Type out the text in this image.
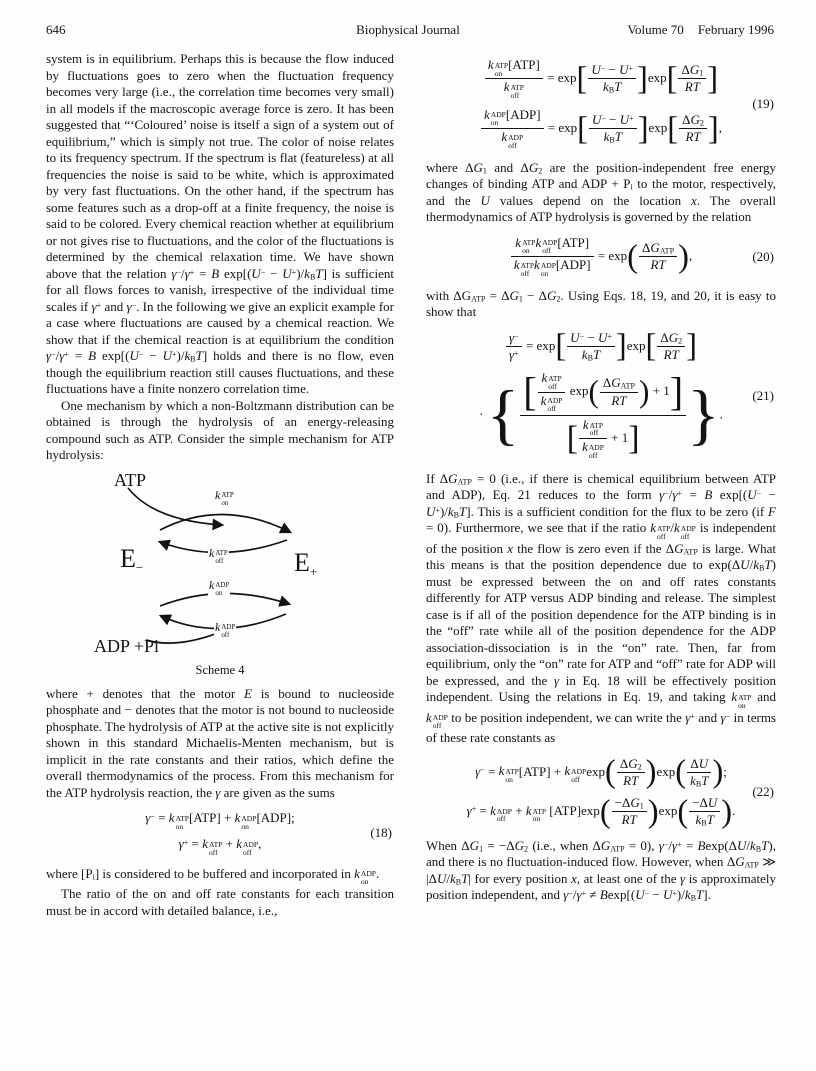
646	Biophysical Journal	Volume 70 February 1996

system is in equilibrium. Perhaps this is because the flow induced by fluctuations goes to zero when the fluctuation frequency becomes very large (i.e., the correlation time becomes very small) in all models if the macroscopic average force is zero. It has been suggested that “‘Coloured’ noise is itself a sign of a system out of equilibrium,” which is simply not true. The color of noise relates to its frequency spectrum. If the spectrum is flat (featureless) at all frequencies the noise is said to be white, which is approximated by very fast fluctuations. On the other hand, if the spectrum has some features such as a drop-off at a finite frequency, the noise is said to be colored. Every chemical reaction whether at equilibrium or not gives rise to fluctuations, and the color of the fluctuations is determined by the chemical relaxation time. We have shown above that the relation γ−/γ+ = B exp[(U− − U+)/kBT] is sufficient for all flows forces to vanish, irrespective of the individual time scales if γ+ and γ−. In the following we give an explicit example for a case where fluctuations are caused by a chemical reaction. We show that if the chemical reaction is at equilibrium the condition γ−/γ+ = B exp[(U− − U+)/kBT] holds and there is no flow, even though the equilibrium reaction still causes fluctuations, and these fluctuations have a finite nonzero correlation time.

One mechanism by which a non-Boltzmann distribution can be obtained is through the hydrolysis of an energy-releasing compound such as ATP. Consider the simple mechanism for ATP hydrolysis:

ATP
$E_-$	$E_+$
k ATP
on
k ATP
off
k ADP
on
k ADP
off
ADP +Pi
Scheme 4

where + denotes that the motor E is bound to nucleoside phosphate and − denotes that the motor is not bound to nucleoside phosphate. The hydrolysis of ATP at the active site is not explicitly shown in this standard Michaelis-Menten mechanism, but is implicit in the rate constants and their ratios, which define the overall thermodynamics of the process. From this mechanism for the ATP hydrolysis reaction, the γ are given as the sums

γ− = k ATP
on
[ATP] + k ADP
on
[ADP];
γ+ = k ATP
off
+ k ADP
off
,
(18)

where [Pi] is considered to be buffered and incorporated in k ADP
on
.

The ratio of the on and off rate constants for each transition must be in accord with detailed balance, i.e.,

k ATP
on
[ATP]
k ATP
off = $\exp[ \frac{U^- - U^+}{\text{kBT}} ]\exp[ \frac{\Delta G1}{RT}$ ]
k ADP
on
[ADP]
k ADP
off = $\exp[ \frac{U^- - U^+}{\text{kBT}} ]\exp[ \frac{\Delta G2}{RT}$ ],
(19)

where ΔG1 and ΔG2 are the position-independent free energy changes of binding ATP and ADP + Pi to the motor, respectively, and the U values depend on the location x. The overall thermodynamics of ATP hydrolysis is governed by the relation

k ATP
on
k ADP
off
[ATP]
k ATP
off
k ADP
on
$[ADP] = \exp( \frac{\text{ΔGATP}}{RT}$ ),	(20)

with ΔGATP = ΔG1 − ΔG2. Using Eqs. 18, 19, and 20, it is easy to show that

$\frac{\gamma^-}{\gamma^+} = \exp[ \frac{U^- - U^+}{\text{kBT}} ]\exp[ \frac{\Delta G2}{RT}$ ]
· { [ k ATP
off
k ADP
off $\exp( \frac{\text{ΔGATP}}{RT}$ ) + 1]
[ k ATP
off
k ADP
off + 1] }.
(21)

If ΔGATP = 0 (i.e., if there is chemical equilibrium between ATP and ADP), Eq. 21 reduces to the form γ−/γ+ = B exp[(U− − U+)/kBT]. This is a sufficient condition for the flux to be zero (if F = 0). Furthermore, we see that if the ratio k ATP
off
/k ADP
off
is independent of the position x the flow is zero even if the ΔGATP is large. What this means is that the position dependence due to exp(ΔU/kBT) must be expressed between the on and off rates constants differently for ATP versus ADP binding and release. The simplest case is if all of the position dependence for the ATP binding is in the “off” rate while all of the position dependence for the ADP association-dissociation is in the “on” rate. Then, far from equilibrium, only the “on” rate for ATP and “off” rate for ADP will be expressed, and the γ in Eq. 18 will be effectively position independent. Using the relations in Eq. 19, and taking k ATP
on
and k ADP
off
to be position independent, we can write the γ+ and γ− in terms of these rate constants as

γ− = k ATP
on
[ATP] + k ADP
off
$\exp( \frac{\Delta G2}{RT} )\exp( \frac{\Delta U}{\text{kBT}}$ );
γ+ = k ADP
off
+ k ATP
on
$[ATP]\exp( \frac{-\Delta G1}{RT} )\exp( \frac{-\Delta U}{\text{kBT}}$ ).
(22)

When ΔG1 = −ΔG2 (i.e., when ΔGATP = 0), γ−/γ+ = Bexp(ΔU/kBT), and there is no fluctuation-induced flow. However, when ΔGATP ≫ |ΔU/kBT| for every position x, at least one of the γ is approximately position independent, and γ−/γ+ ≠ Bexp[(U− − U+)/kBT].
